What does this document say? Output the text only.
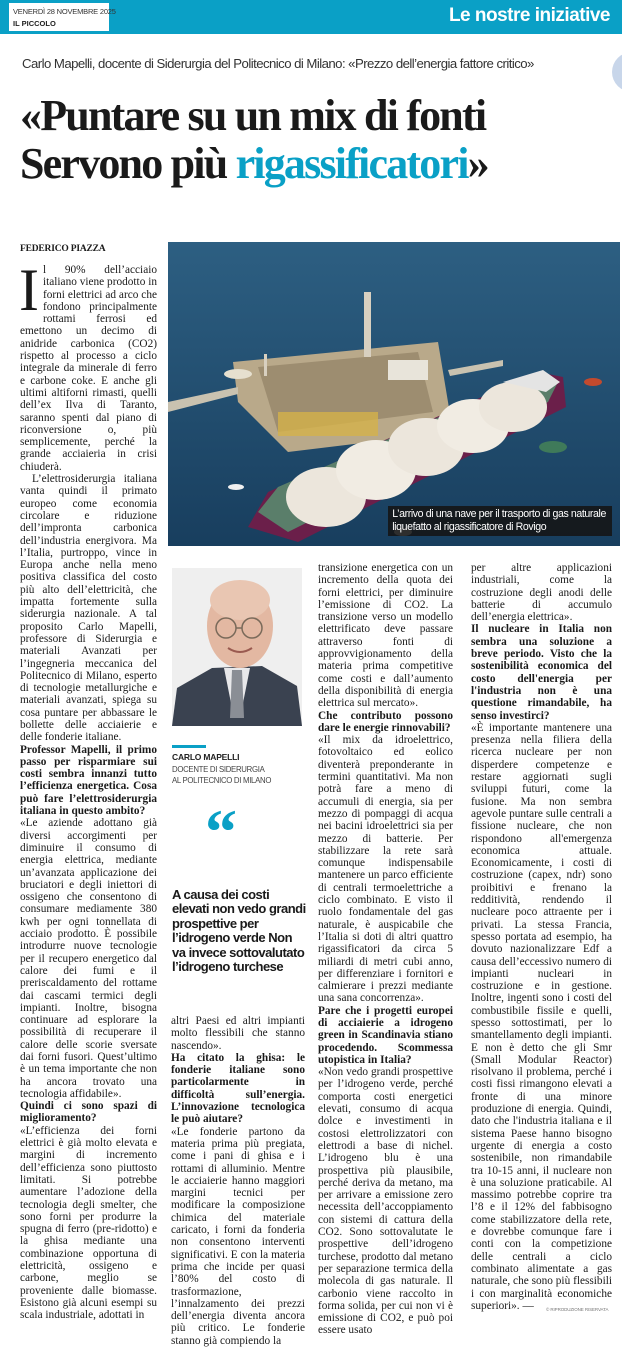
VENERDÌ 28 NOVEMBRE 2025
IL PICCOLO	Le nostre iniziative
Carlo Mapelli, docente di Siderurgia del Politecnico di Milano: «Prezzo dell’energia fattore critico»
«Puntare su un mix di fonti
Servono più rigassificatori»
FEDERICO PIAZZA

Il 90% dell’acciaio italiano viene prodotto in forni elettrici ad arco che fondono principalmente rottami ferrosi ed emettono un decimo di anidride carbonica (CO2) rispetto al processo a ciclo integrale da minerale di ferro e carbone coke. E anche gli ultimi altiforni rimasti, quelli dell’ex Ilva di Taranto, saranno spenti dal piano di riconversione o, più semplicemente, perché la grande acciaieria in crisi chiuderà.

L’elettrosiderurgia italiana vanta quindi il primato europeo come economia circolare e riduzione dell’impronta carbonica dell’industria energivora. Ma l’Italia, purtroppo, vince in Europa anche nella meno positiva classifica del costo più alto dell’elettricità, che impatta fortemente sulla siderurgia nazionale. A tal proposito Carlo Mapelli, professore di Siderurgia e materiali Avanzati per l’ingegneria meccanica del Politecnico di Milano, esperto di tecnologie metallurgiche e materiali avanzati, spiega su cosa puntare per abbassare le bollette delle acciaierie e delle fonderie italiane.

Professor Mapelli, il primo passo per risparmiare sui costi sembra innanzi tutto l’efficienza energetica. Cosa può fare l’elettrosiderurgia italiana in questo ambito?

«Le aziende adottano già diversi accorgimenti per diminuire il consumo di energia elettrica, mediante un’avanzata applicazione dei bruciatori e degli iniettori di ossigeno che consentono di consumare mediamente 380 kwh per ogni tonnellata di acciaio prodotto. È possibile introdurre nuove tecnologie per il recupero energetico dal calore dei fumi e il preriscaldamento del rottame dai cascami termici degli impianti. Inoltre, bisogna continuare ad esplorare la possibilità di recuperare il calore delle scorie sversate dai forni fusori. Quest’ultimo è un tema importante che non ha ancora trovato una tecnologia affidabile».

Quindi ci sono spazi di miglioramento?

«L’efficienza dei forni elettrici è già molto elevata e margini di incremento dell’efficienza sono piuttosto limitati. Si potrebbe aumentare l’adozione della tecnologia degli smelter, che sono forni per produrre la spugna di ferro (pre-ridotto) e la ghisa mediante una combinazione opportuna di elettricità, ossigeno e carbone, meglio se proveniente dalle biomasse. Esistono già alcuni esempi su scala industriale, adottati in

L’arrivo di una nave per il trasporto di gas naturale
liquefatto al rigassificatore di Rovigo
CARLO MAPELLI
DOCENTE DI SIDERURGIA
AL POLITECNICO DI MILANO
“
A causa dei costi elevati non vedo grandi prospettive per l’idrogeno verde Non va invece sottovalutato l’idrogeno turchese

altri Paesi ed altri impianti molto flessibili che stanno nascendo».

Ha citato la ghisa: le fonderie italiane sono particolarmente in difficoltà sull’energia. L’innovazione tecnologica le può aiutare?

«Le fonderie partono da materia prima più pregiata, come i pani di ghisa e i rottami di alluminio. Mentre le acciaierie hanno maggiori margini tecnici per modificare la composizione chimica del materiale caricato, i forni da fonderia non consentono interventi significativi. E con la materia prima che incide per quasi l’80% del costo di trasformazione, l’innalzamento dei prezzi dell’energia diventa ancora più critico. Le fonderie stanno già compiendo la

transizione energetica con un incremento della quota dei forni elettrici, per diminuire l’emissione di CO2. La transizione verso un modello elettrificato deve passare attraverso fonti di approvvigionamento della materia prima competitive come costi e dall’aumento della disponibilità di energia elettrica sul mercato».

Che contributo possono dare le energie rinnovabili?

«Il mix da idroelettrico, fotovoltaico ed eolico diventerà preponderante in termini quantitativi. Ma non potrà fare a meno di accumuli di energia, sia per mezzo di pompaggi di acqua nei bacini idroelettrici sia per mezzo di batterie. Per stabilizzare la rete sarà comunque indispensabile mantenere un parco efficiente di centrali termoelettriche a ciclo combinato. E visto il ruolo fondamentale del gas naturale, è auspicabile che l’Italia si doti di altri quattro rigassificatori da circa 5 miliardi di metri cubi anno, per differenziare i fornitori e calmierare i prezzi mediante una sana concorrenza».

Pare che i progetti europei di acciaierie a idrogeno green in Scandinavia stiano procedendo. Scommessa utopistica in Italia?

«Non vedo grandi prospettive per l’idrogeno verde, perché comporta costi energetici elevati, consumo di acqua dolce e investimenti in costosi elettrolizzatori con elettrodi a base di nichel. L’idrogeno blu è una prospettiva più plausibile, perché deriva da metano, ma per arrivare a emissione zero necessita dell’accoppiamento con sistemi di cattura della CO2. Sono sottovalutate le prospettive dell’idrogeno turchese, prodotto dal metano per separazione termica della molecola di gas naturale. Il carbonio viene raccolto in forma solida, per cui non vi è emissione di CO2, e può poi essere usato

per altre applicazioni industriali, come la costruzione degli anodi delle batterie di accumulo dell’energia elettrica».

Il nucleare in Italia non sembra una soluzione a breve periodo. Visto che la sostenibilità economica del costo dell'energia per l'industria non è una questione rimandabile, ha senso investirci?

«È importante mantenere una presenza nella filiera della ricerca nucleare per non disperdere competenze e restare aggiornati sugli sviluppi futuri, come la fusione. Ma non sembra agevole puntare sulle centrali a fissione nucleare, che non rispondono all'emergenza economica attuale. Economicamente, i costi di costruzione (capex, ndr) sono proibitivi e frenano la redditività, rendendo il nucleare poco attraente per i privati. La stessa Francia, spesso portata ad esempio, ha dovuto nazionalizzare Edf a causa dell’eccessivo numero di impianti nucleari in costruzione e in gestione. Inoltre, ingenti sono i costi del combustibile fissile e quelli, spesso sottostimati, per lo smantellamento degli impianti. E non è detto che gli Smr (Small Modular Reactor) risolvano il problema, perché i costi fissi rimangono elevati a fronte di una minore produzione di energia. Quindi, dato che l'industria italiana e il sistema Paese hanno bisogno urgente di energia a costo sostenibile, non rimandabile tra 10-15 anni, il nucleare non è una soluzione praticabile. Al massimo potrebbe coprire tra l’8 e il 12% del fabbisogno come stabilizzatore della rete, e dovrebbe comunque fare i conti con la competizione delle centrali a ciclo combinato alimentate a gas naturale, che sono più flessibili i con marginalità economiche superiori». —	© RIPRODUZIONE RISERVATA
